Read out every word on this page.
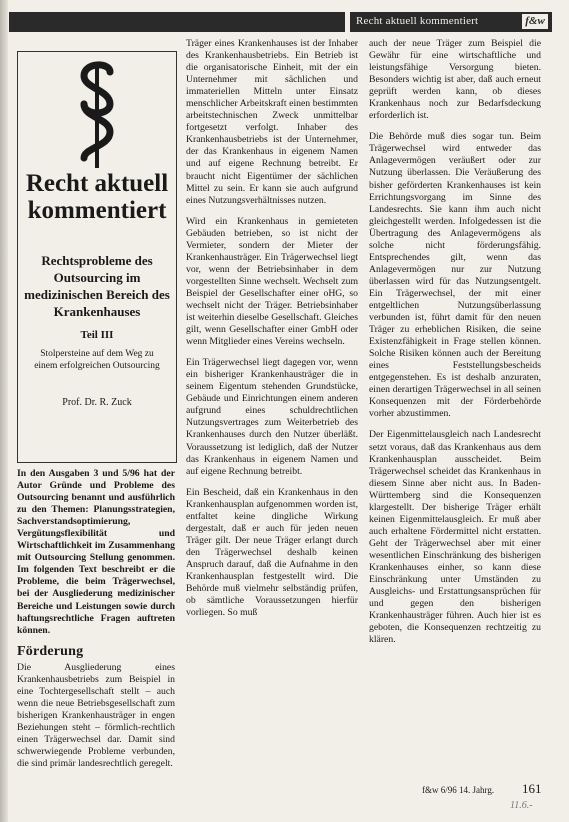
Recht aktuell kommentiert	f&w
Recht aktuell
kommentiert
Rechtsprobleme des Outsourcing im medizinischen Bereich des Krankenhauses
Teil III
Stolpersteine auf dem Weg zu einem erfolgreichen Outsourcing
Prof. Dr. R. Zuck

In den Ausgaben 3 und 5/96 hat der Autor Gründe und Probleme des Outsourcing benannt und ausführlich zu den Themen: Planungsstrategien, Sachverstandsoptimierung, Vergütungsflexibilität und Wirtschaftlichkeit im Zusammenhang mit Outsourcing Stellung genommen. Im folgenden Text beschreibt er die Probleme, die beim Trägerwechsel, bei der Ausgliederung medizinischer Bereiche und Leistungen sowie durch haftungsrechtliche Fragen auftreten können.

Förderung

Die Ausgliederung eines Krankenhausbetriebs zum Beispiel in eine Tochtergesellschaft stellt – auch wenn die neue Betriebsgesellschaft zum bisherigen Krankenhausträger in engen Beziehungen steht – förmlich-rechtlich einen Trägerwechsel dar. Damit sind schwerwiegende Probleme verbunden, die sind primär landesrechtlich geregelt.

Träger eines Krankenhauses ist der Inhaber des Krankenhausbetriebs. Ein Betrieb ist die organisatorische Einheit, mit der ein Unternehmer mit sächlichen und immateriellen Mitteln unter Einsatz menschlicher Arbeitskraft einen bestimmten arbeitstechnischen Zweck unmittelbar fortgesetzt verfolgt. Inhaber des Krankenhausbetriebs ist der Unternehmer, der das Krankenhaus in eigenem Namen und auf eigene Rechnung betreibt. Er braucht nicht Eigentümer der sächlichen Mittel zu sein. Er kann sie auch aufgrund eines Nutzungsverhältnisses nutzen.

Wird ein Krankenhaus in gemieteten Gebäuden betrieben, so ist nicht der Vermieter, sondern der Mieter der Krankenhausträger. Ein Trägerwechsel liegt vor, wenn der Betriebsinhaber in dem vorgestellten Sinne wechselt. Wechselt zum Beispiel der Gesellschafter einer oHG, so wechselt nicht der Träger. Betriebsinhaber ist weiterhin dieselbe Gesellschaft. Gleiches gilt, wenn Gesellschafter einer GmbH oder wenn Mitglieder eines Vereins wechseln.

Ein Trägerwechsel liegt dagegen vor, wenn ein bisheriger Krankenhausträger die in seinem Eigentum stehenden Grundstücke, Gebäude und Einrichtungen einem anderen aufgrund eines schuldrechtlichen Nutzungsvertrages zum Weiterbetrieb des Krankenhauses durch den Nutzer überläßt. Voraussetzung ist lediglich, daß der Nutzer das Krankenhaus in eigenem Namen und auf eigene Rechnung betreibt.

Ein Bescheid, daß ein Krankenhaus in den Krankenhausplan aufgenommen worden ist, entfaltet keine dingliche Wirkung dergestalt, daß er auch für jeden neuen Träger gilt. Der neue Träger erlangt durch den Trägerwechsel deshalb keinen Anspruch darauf, daß die Aufnahme in den Krankenhausplan festgestellt wird. Die Behörde muß vielmehr selbständig prüfen, ob sämtliche Voraussetzungen hierfür vorliegen. So muß

auch der neue Träger zum Beispiel die Gewähr für eine wirtschaftliche und leistungsfähige Versorgung bieten. Besonders wichtig ist aber, daß auch erneut geprüft werden kann, ob dieses Krankenhaus noch zur Bedarfsdeckung erforderlich ist.

Die Behörde muß dies sogar tun. Beim Trägerwechsel wird entweder das Anlagevermögen veräußert oder zur Nutzung überlassen. Die Veräußerung des bisher geförderten Krankenhauses ist kein Errichtungsvorgang im Sinne des Landesrechts. Sie kann ihm auch nicht gleichgestellt werden. Infolgedessen ist die Übertragung des Anlagevermögens als solche nicht förderungsfähig. Entsprechendes gilt, wenn das Anlagevermögen nur zur Nutzung überlassen wird für das Nutzungsentgelt. Ein Trägerwechsel, der mit einer entgeltlichen Nutzungsüberlassung verbunden ist, führt damit für den neuen Träger zu erheblichen Risiken, die seine Existenzfähigkeit in Frage stellen können. Solche Risiken können auch der Bereitung eines Feststellungsbescheids entgegenstehen. Es ist deshalb anzuraten, einen derartigen Trägerwechsel in all seinen Konsequenzen mit der Förderbehörde vorher abzustimmen.

Der Eigenmittelausgleich nach Landesrecht setzt voraus, daß das Krankenhaus aus dem Krankenhausplan ausscheidet. Beim Trägerwechsel scheidet das Krankenhaus in diesem Sinne aber nicht aus. In Baden-Württemberg sind die Konsequenzen klargestellt. Der bisherige Träger erhält keinen Eigenmittelausgleich. Er muß aber auch erhaltene Fördermittel nicht erstatten. Geht der Trägerwechsel aber mit einer wesentlichen Einschränkung des bisherigen Krankenhauses einher, so kann diese Einschränkung unter Umständen zu Ausgleichs- und Erstattungsansprüchen für und gegen den bisherigen Krankenhausträger führen. Auch hier ist es geboten, die Konsequenzen rechtzeitig zu klären.

f&w 6/96 14. Jahrg. 161
11.6.-
